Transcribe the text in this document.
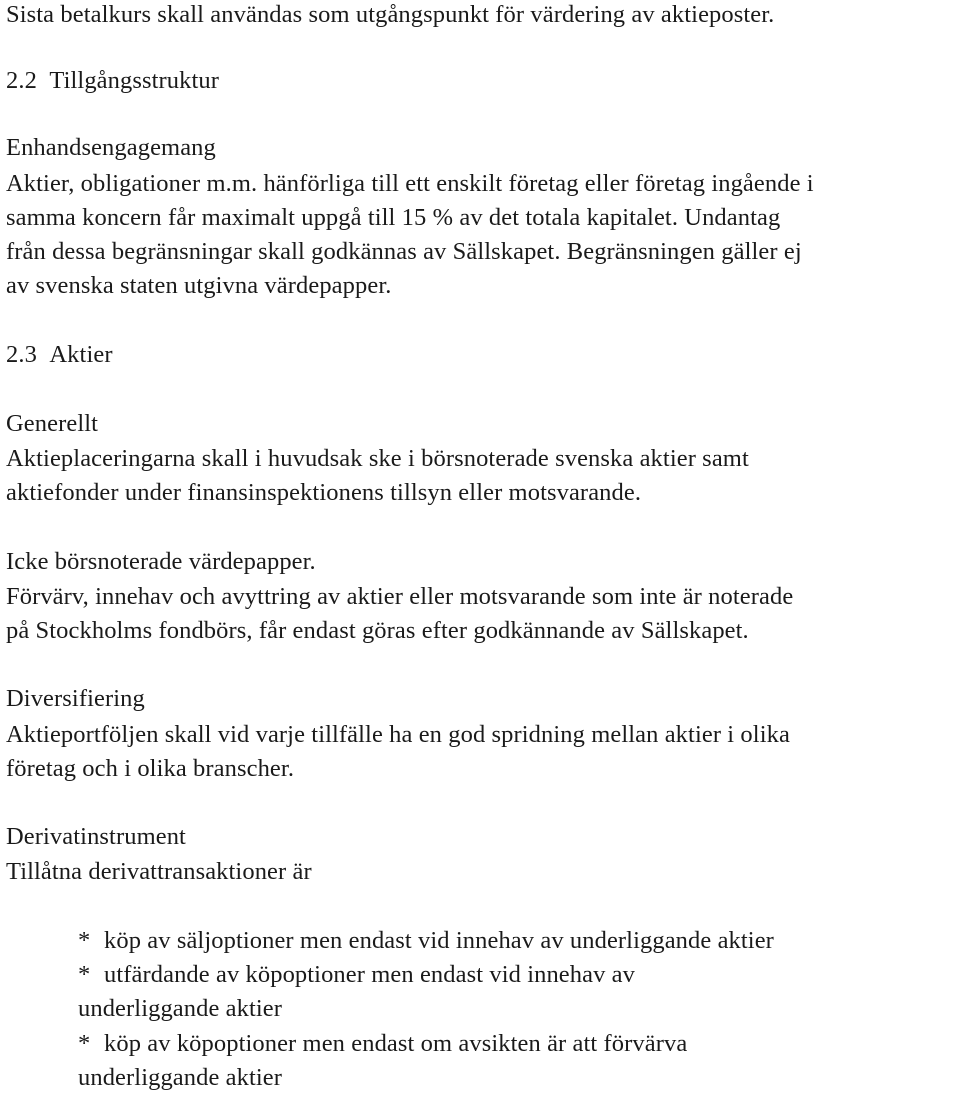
Sista betalkurs skall användas som utgångspunkt för värdering av aktieposter.
2.2 Tillgångsstruktur
Enhandsengagemang
Aktier, obligationer m.m. hänförliga till ett enskilt företag eller företag ingående i
samma koncern får maximalt uppgå till 15 % av det totala kapitalet. Undantag
från dessa begränsningar skall godkännas av Sällskapet. Begränsningen gäller ej
av svenska staten utgivna värdepapper.
2.3 Aktier
Generellt
Aktieplaceringarna skall i huvudsak ske i börsnoterade svenska aktier samt
aktiefonder under finansinspektionens tillsyn eller motsvarande.
Icke börsnoterade värdepapper.
Förvärv, innehav och avyttring av aktier eller motsvarande som inte är noterade
på Stockholms fondbörs, får endast göras efter godkännande av Sällskapet.
Diversifiering
Aktieportföljen skall vid varje tillfälle ha en god spridning mellan aktier i olika
företag och i olika branscher.
Derivatinstrument
Tillåtna derivattransaktioner är
* köp av säljoptioner men endast vid innehav av underliggande aktier
* utfärdande av köpoptioner men endast vid innehav av
underliggande aktier
* köp av köpoptioner men endast om avsikten är att förvärva
underliggande aktier
